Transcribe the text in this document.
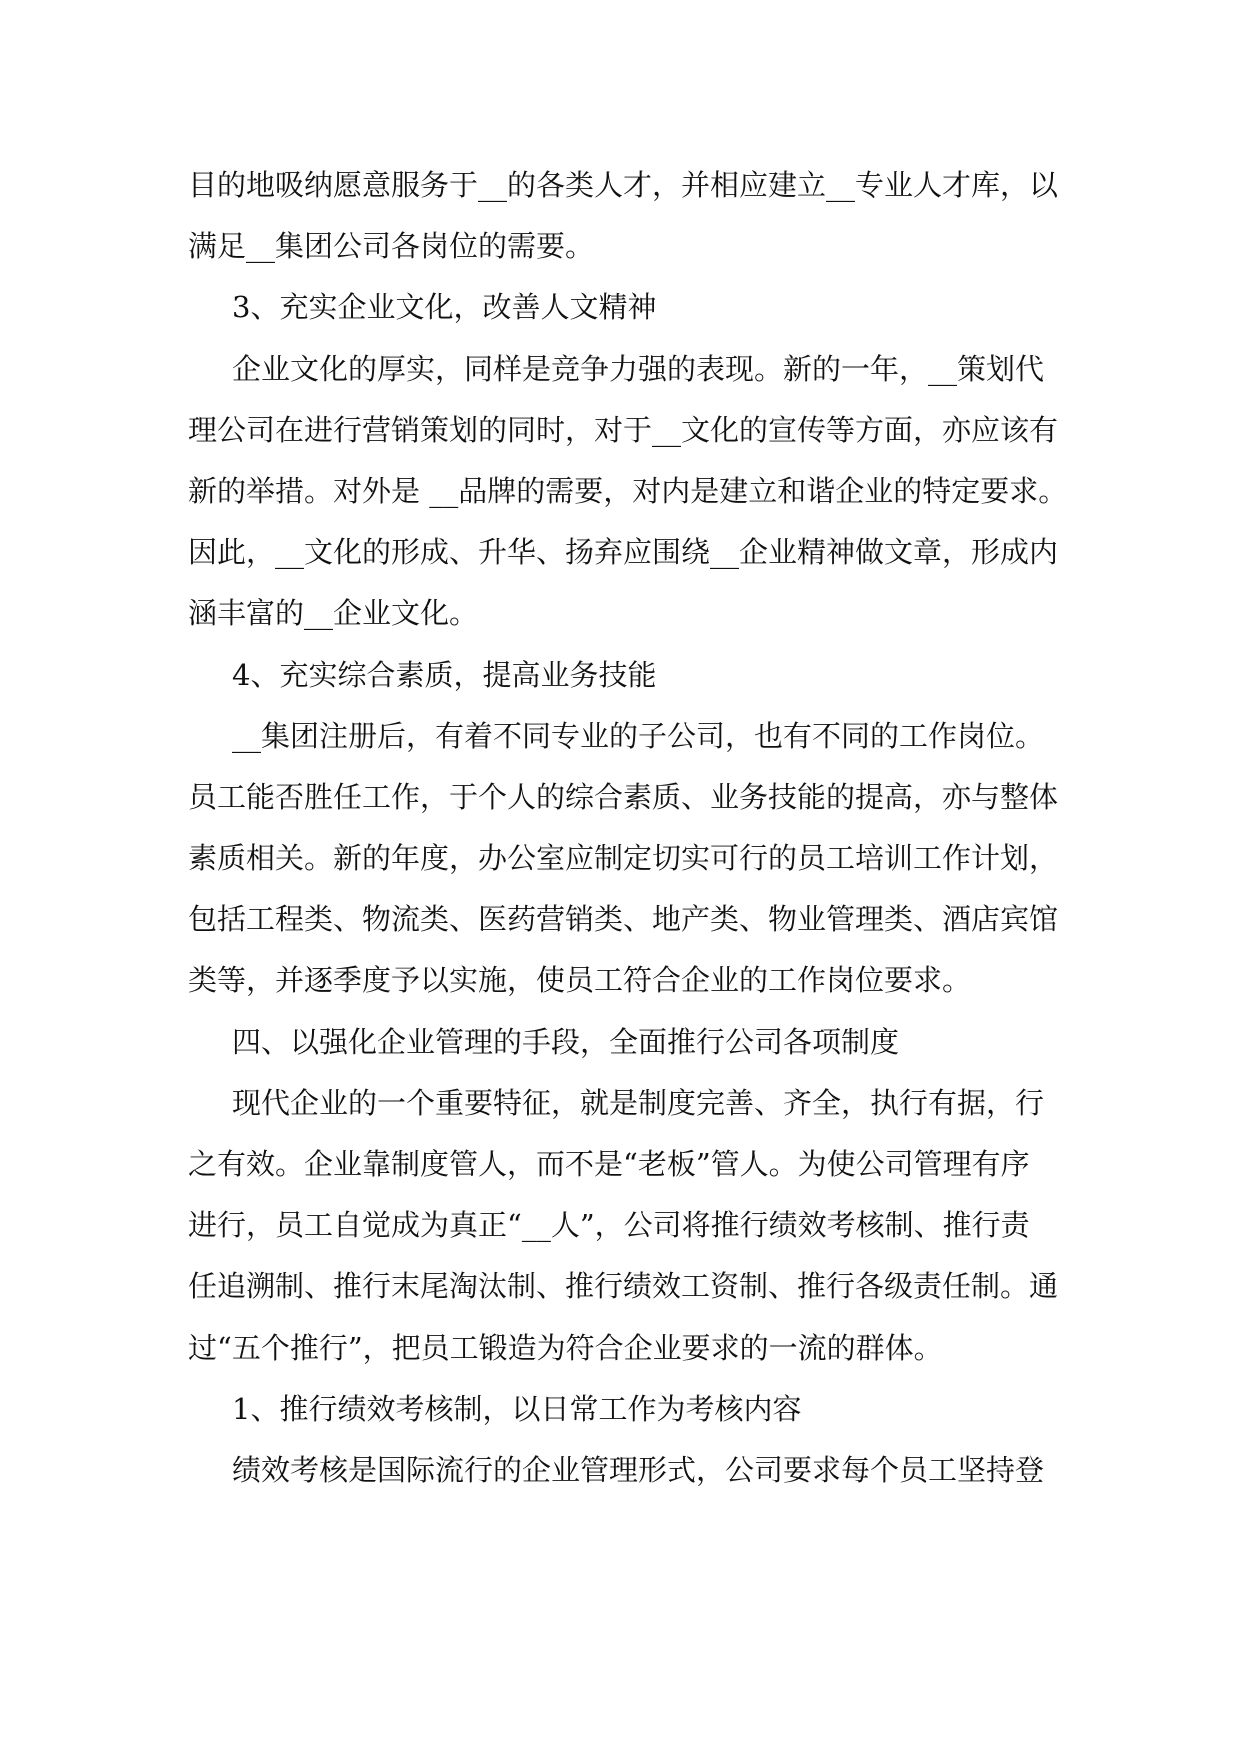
目的地吸纳愿意服务于__的各类人才，并相应建立__专业人才库，以
满足__集团公司各岗位的需要。
3、充实企业文化，改善人文精神
企业文化的厚实，同样是竞争力强的表现。新的一年，__策划代
理公司在进行营销策划的同时，对于__文化的宣传等方面，亦应该有
新的举措。对外是 __品牌的需要，对内是建立和谐企业的特定要求。
因此，__文化的形成、升华、扬弃应围绕__企业精神做文章，形成内
涵丰富的__企业文化。
4、充实综合素质，提高业务技能
__集团注册后，有着不同专业的子公司，也有不同的工作岗位。
员工能否胜任工作，于个人的综合素质、业务技能的提高，亦与整体
素质相关。新的年度，办公室应制定切实可行的员工培训工作计划，
包括工程类、物流类、医药营销类、地产类、物业管理类、酒店宾馆
类等，并逐季度予以实施，使员工符合企业的工作岗位要求。
四、以强化企业管理的手段，全面推行公司各项制度
现代企业的一个重要特征，就是制度完善、齐全，执行有据，行
之有效。企业靠制度管人，而不是“老板”管人。为使公司管理有序
进行，员工自觉成为真正“__人”，公司将推行绩效考核制、推行责
任追溯制、推行末尾淘汰制、推行绩效工资制、推行各级责任制。通
过“五个推行”，把员工锻造为符合企业要求的一流的群体。
1、推行绩效考核制，以日常工作为考核内容
绩效考核是国际流行的企业管理形式，公司要求每个员工坚持登
